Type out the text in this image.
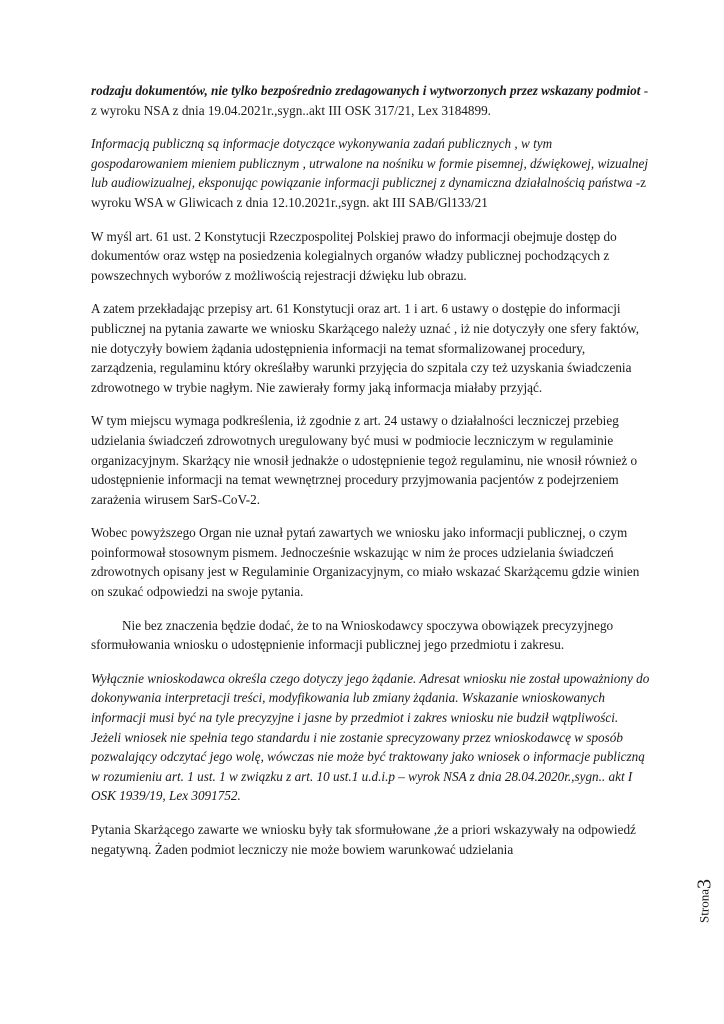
rodzaju dokumentów, nie tylko bezpośrednio zredagowanych i wytworzonych przez wskazany podmiot -z wyroku NSA z dnia 19.04.2021r.,sygn..akt III OSK 317/21, Lex 3184899.

Informacją publiczną są informacje dotyczące wykonywania zadań publicznych , w tym gospodarowaniem mieniem publicznym , utrwalone na nośniku w formie pisemnej, dźwiękowej, wizualnej lub audiowizualnej, eksponując powiązanie informacji publicznej z dynamiczna działalnością państwa -z wyroku WSA w Gliwicach z dnia 12.10.2021r.,sygn. akt III SAB/Gl133/21

W myśl art. 61 ust. 2 Konstytucji Rzeczpospolitej Polskiej prawo do informacji obejmuje dostęp do dokumentów oraz wstęp na posiedzenia kolegialnych organów władzy publicznej pochodzących z powszechnych wyborów z możliwością rejestracji dźwięku lub obrazu.

A zatem przekładając przepisy art. 61 Konstytucji oraz art. 1 i art. 6 ustawy o dostępie do informacji publicznej na pytania zawarte we wniosku Skarżącego należy uznać , iż nie dotyczyły one sfery faktów, nie dotyczyły bowiem żądania udostępnienia informacji na temat sformalizowanej procedury, zarządzenia, regulaminu który określałby warunki przyjęcia do szpitala czy też uzyskania świadczenia zdrowotnego w trybie nagłym. Nie zawierały formy jaką informacja miałaby przyjąć.

W tym miejscu wymaga podkreślenia, iż zgodnie z art. 24 ustawy o działalności leczniczej przebieg udzielania świadczeń zdrowotnych uregulowany być musi w podmiocie leczniczym w regulaminie organizacyjnym. Skarżący nie wnosił jednakże o udostępnienie tegoż regulaminu, nie wnosił również o udostępnienie informacji na temat wewnętrznej procedury przyjmowania pacjentów z podejrzeniem zarażenia wirusem SarS-CoV-2.

Wobec powyższego Organ nie uznał pytań zawartych we wniosku jako informacji publicznej, o czym poinformował stosownym pismem. Jednocześnie wskazując w nim że proces udzielania świadczeń zdrowotnych opisany jest w Regulaminie Organizacyjnym, co miało wskazać Skarżącemu gdzie winien on szukać odpowiedzi na swoje pytania.

Nie bez znaczenia będzie dodać, że to na Wnioskodawcy spoczywa obowiązek precyzyjnego sformułowania wniosku o udostępnienie informacji publicznej jego przedmiotu i zakresu.

Wyłącznie wnioskodawca określa czego dotyczy jego żądanie. Adresat wniosku nie został upoważniony do dokonywania interpretacji treści, modyfikowania lub zmiany żądania. Wskazanie wnioskowanych informacji musi być na tyle precyzyjne i jasne by przedmiot i zakres wniosku nie budził wątpliwości. Jeżeli wniosek nie spełnia tego standardu i nie zostanie sprecyzowany przez wnioskodawcę w sposób pozwalający odczytać jego wolę, wówczas nie może być traktowany jako wniosek o informacje publiczną w rozumieniu art. 1 ust. 1 w związku z art. 10 ust.1 u.d.i.p – wyrok NSA z dnia 28.04.2020r.,sygn.. akt I OSK 1939/19, Lex 3091752.

Pytania Skarżącego zawarte we wniosku były tak sformułowane ,że a priori wskazywały na odpowiedź negatywną. Żaden podmiot leczniczy nie może bowiem warunkować udzielania

Strona3
